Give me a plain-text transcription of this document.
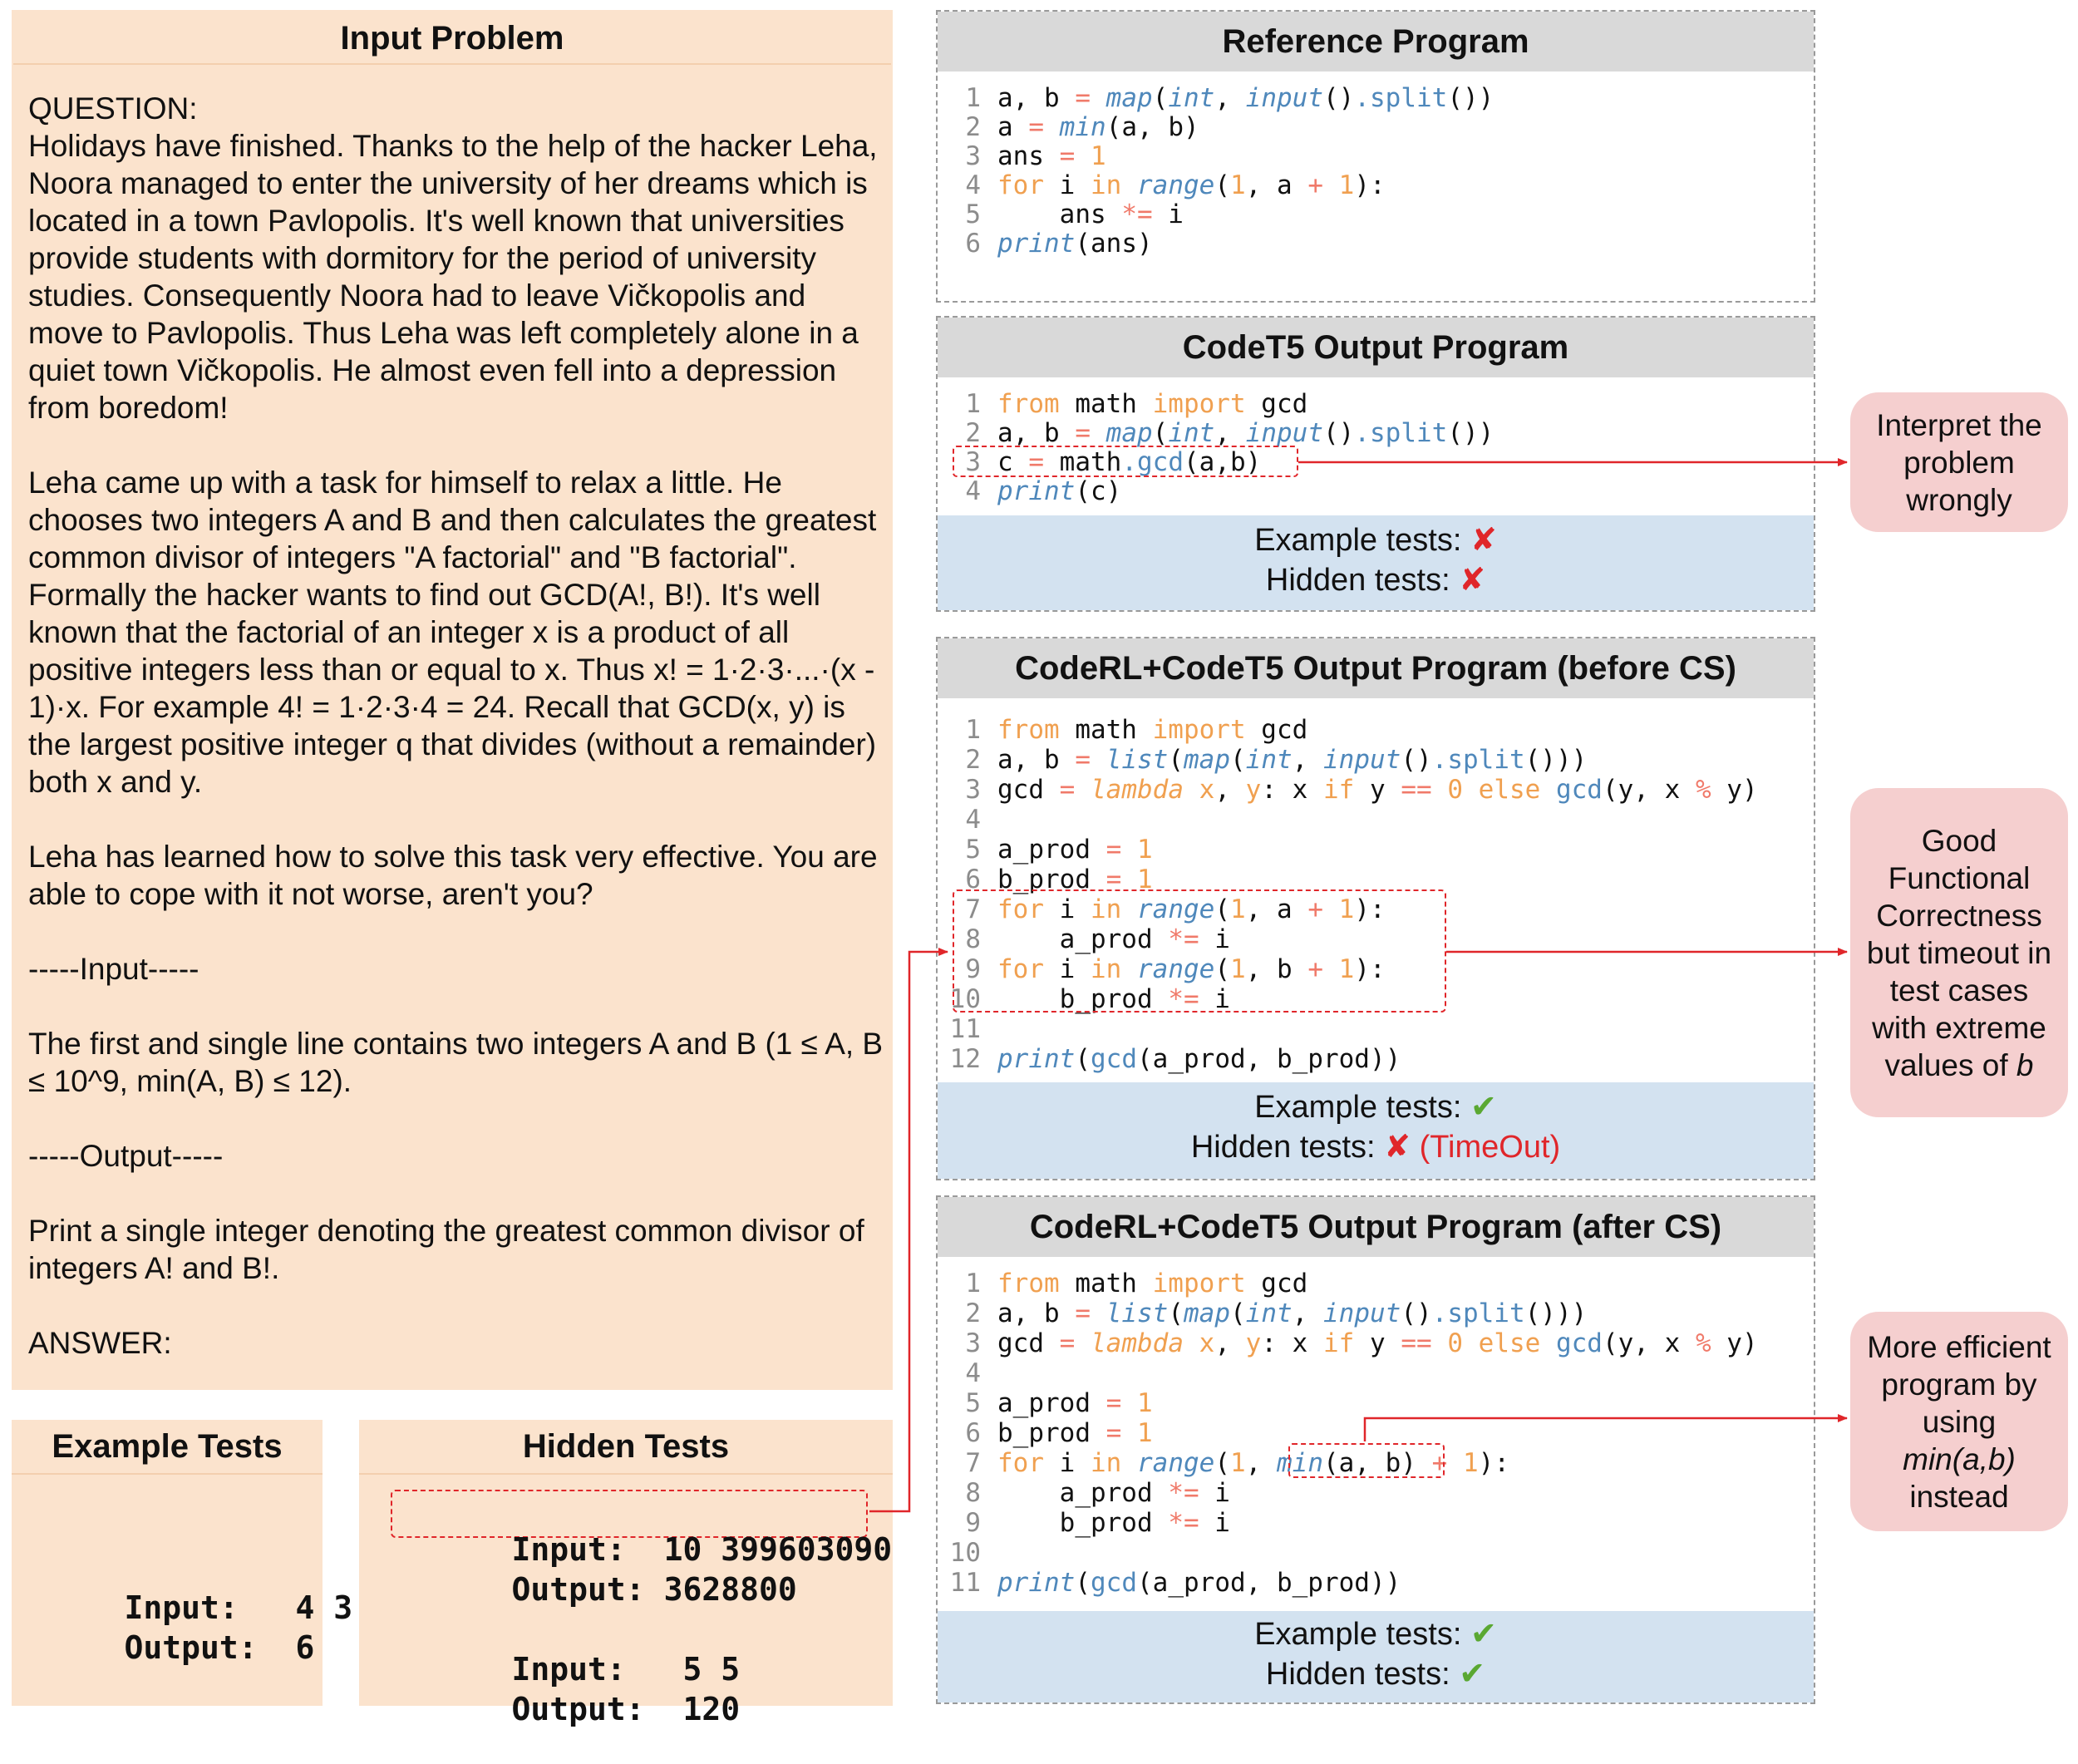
Input Problem
QUESTION:
Holidays have finished. Thanks to the help of the hacker Leha, Noora managed to enter the university of her dreams which is located in a town Pavlopolis. It's well known that universities provide students with dormitory for the period of university studies. Consequently Noora had to leave Vičkopolis and move to Pavlopolis. Thus Leha was left completely alone in a quiet town Vičkopolis. He almost even fell into a depression from boredom!

Leha came up with a task for himself to relax a little. He chooses two integers A and B and then calculates the greatest common divisor of integers "A factorial" and "B factorial". Formally the hacker wants to find out GCD(A!, B!). It's well known that the factorial of an integer x is a product of all positive integers less than or equal to x. Thus x! = 1·2·3·...·(x - 1)·x. For example 4! = 1·2·3·4 = 24. Recall that GCD(x, y) is the largest positive integer q that divides (without a remainder) both x and y.

Leha has learned how to solve this task very effective. You are able to cope with it not worse, aren't you?

-----Input-----

The first and single line contains two integers A and B (1 ≤ A, B ≤ 10^9, min(A, B) ≤ 12).

-----Output-----

Print a single integer denoting the greatest common divisor of integers A! and B!.

ANSWER:
Example Tests

Input: 4 3

Output: 6

Hidden Tests

Input: 10 399603090

Output: 3628800

Input: 5 5

Output: 120

Reference Program
1 a, b = map(int, input().split())
2 a = min(a, b)
3 ans = 1
4 for i in range(1, a + 1):
5    ans *= i
6 print(ans)
CodeT5 Output Program
1 from math import gcd
2 a, b = map(int, input().split())
3 c = math.gcd(a,b)
4 print(c)
Example tests: ✘
Hidden tests: ✘
CodeRL+CodeT5 Output Program (before CS)
1 from math import gcd
2 a, b = list(map(int, input().split()))
3 gcd = lambda x, y: x if y == 0 else gcd(y, x % y)
4
5 a_prod = 1
6 b_prod = 1
7 for i in range(1, a + 1):
8    a_prod *= i
9 for i in range(1, b + 1):
10    b_prod *= i
11
12 print(gcd(a_prod, b_prod))
Example tests: ✔
Hidden tests: ✘ (TimeOut)
CodeRL+CodeT5 Output Program (after CS)
1 from math import gcd
2 a, b = list(map(int, input().split()))
3 gcd = lambda x, y: x if y == 0 else gcd(y, x % y)
4
5 a_prod = 1
6 b_prod = 1
7 for i in range(1, min(a, b) + 1):
8    a_prod *= i
9    b_prod *= i
10
11 print(gcd(a_prod, b_prod))
Example tests: ✔
Hidden tests: ✔
Interpret the problem wrongly
Good Functional Correctness but timeout in test cases with extreme values of b
More efficient program by using
min(a,b)
instead
